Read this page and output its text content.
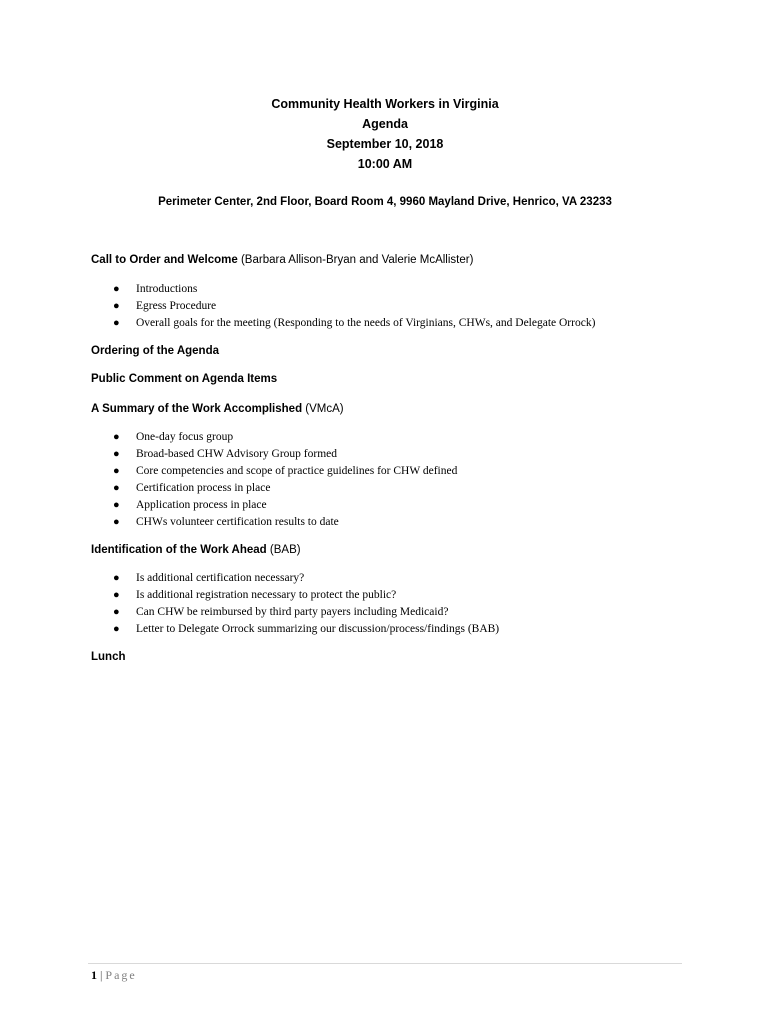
Community Health Workers in Virginia
Agenda
September 10, 2018
10:00 AM
Perimeter Center, 2nd Floor, Board Room 4, 9960 Mayland Drive, Henrico, VA 23233
Call to Order and Welcome (Barbara Allison-Bryan and Valerie McAllister)
● Introductions
● Egress Procedure
● Overall goals for the meeting (Responding to the needs of Virginians, CHWs, and Delegate Orrock)
Ordering of the Agenda
Public Comment on Agenda Items
A Summary of the Work Accomplished (VMcA)
● One-day focus group
● Broad-based CHW Advisory Group formed
● Core competencies and scope of practice guidelines for CHW defined
● Certification process in place
● Application process in place
● CHWs volunteer certification results to date
Identification of the Work Ahead (BAB)
● Is additional certification necessary?
● Is additional registration necessary to protect the public?
● Can CHW be reimbursed by third party payers including Medicaid?
● Letter to Delegate Orrock summarizing our discussion/process/findings (BAB)
Lunch
1 | Page
